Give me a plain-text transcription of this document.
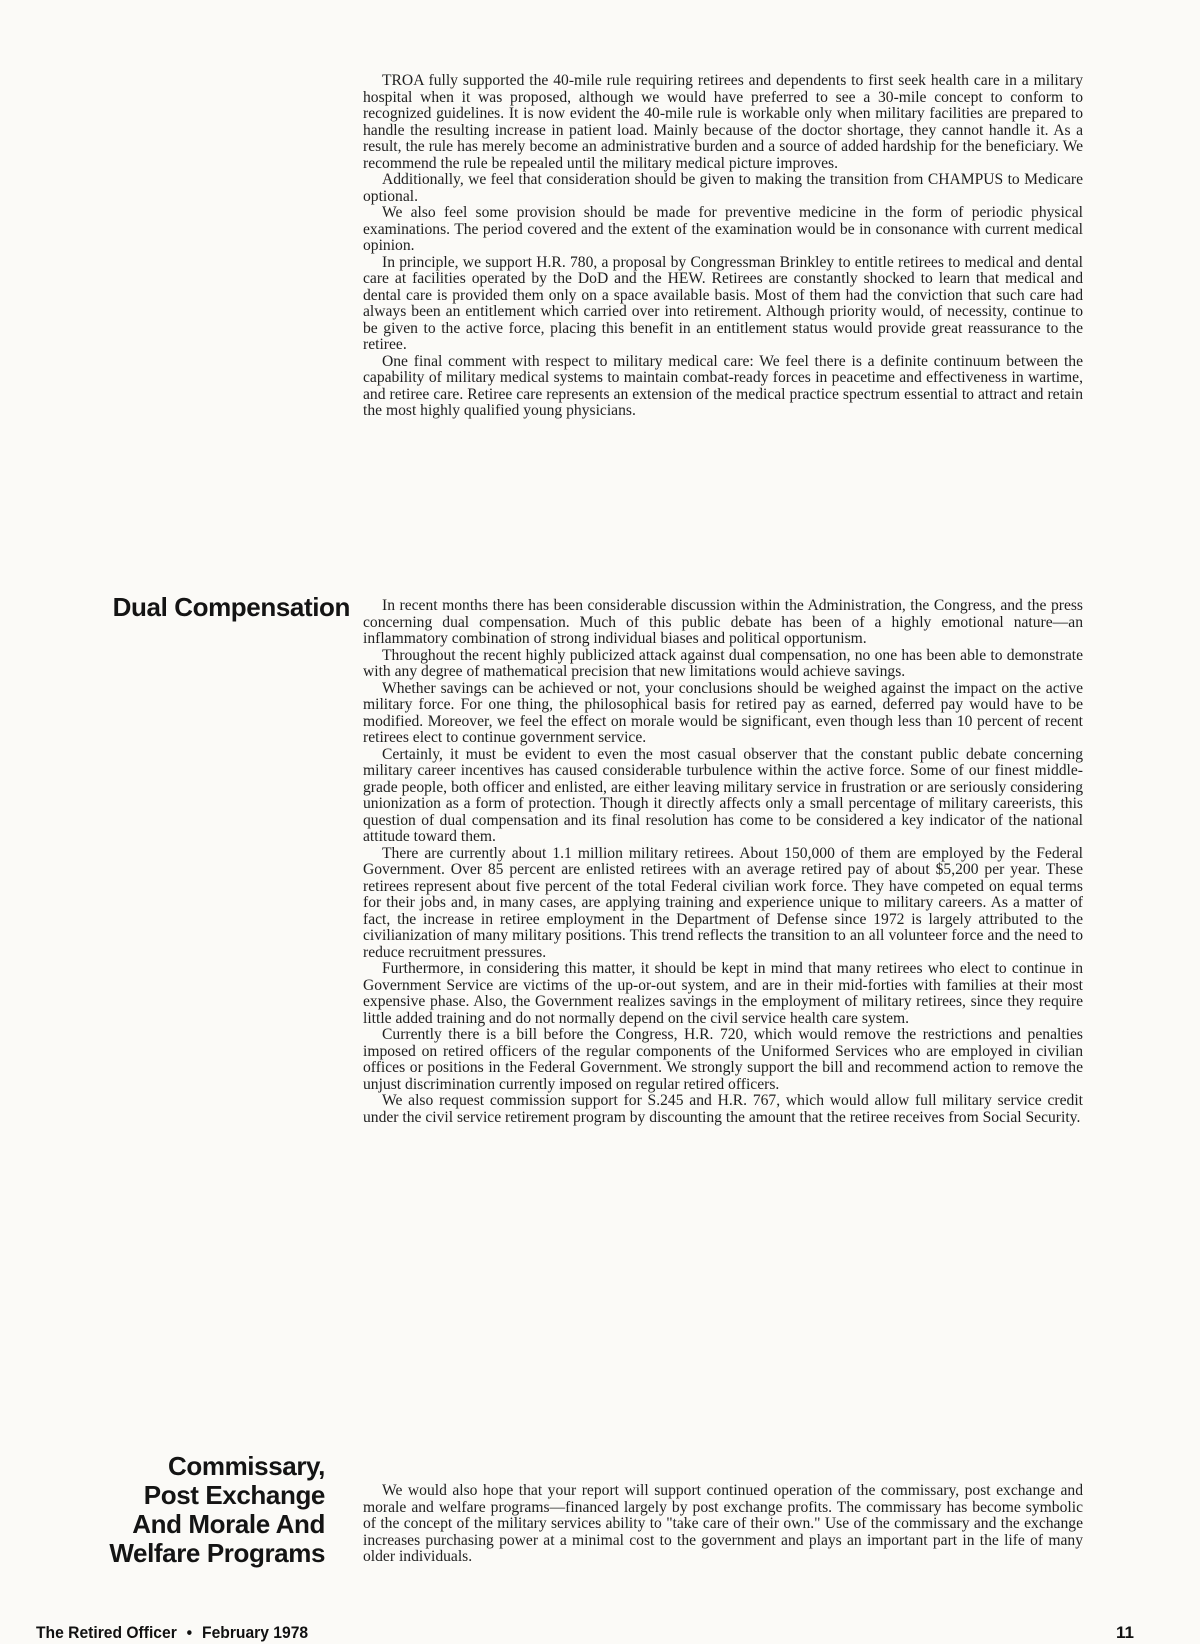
TROA fully supported the 40-mile rule requiring retirees and dependents to first seek health care in a military hospital when it was proposed, although we would have preferred to see a 30-mile concept to conform to recognized guidelines. It is now evident the 40-mile rule is workable only when military facilities are prepared to handle the resulting increase in patient load. Mainly because of the doctor shortage, they cannot handle it. As a result, the rule has merely become an administrative burden and a source of added hardship for the beneficiary. We recommend the rule be repealed until the military medical picture improves.

Additionally, we feel that consideration should be given to making the transition from CHAMPUS to Medicare optional.

We also feel some provision should be made for preventive medicine in the form of periodic physical examinations. The period covered and the extent of the examination would be in consonance with current medical opinion.

In principle, we support H.R. 780, a proposal by Congressman Brinkley to entitle retirees to medical and dental care at facilities operated by the DoD and the HEW. Retirees are constantly shocked to learn that medical and dental care is provided them only on a space available basis. Most of them had the conviction that such care had always been an entitlement which carried over into retirement. Although priority would, of necessity, continue to be given to the active force, placing this benefit in an entitlement status would provide great reassurance to the retiree.

One final comment with respect to military medical care: We feel there is a definite continuum between the capability of military medical systems to maintain combat-ready forces in peacetime and effectiveness in wartime, and retiree care. Retiree care represents an extension of the medical practice spectrum essential to attract and retain the most highly qualified young physicians.

Dual Compensation	In recent months there has been considerable discussion within the Administration, the Congress, and the press concerning dual compensation. Much of this public debate has been of a highly emotional nature—an inflammatory combination of strong individual biases and political opportunism.

Throughout the recent highly publicized attack against dual compensation, no one has been able to demonstrate with any degree of mathematical precision that new limitations would achieve savings.

Whether savings can be achieved or not, your conclusions should be weighed against the impact on the active military force. For one thing, the philosophical basis for retired pay as earned, deferred pay would have to be modified. Moreover, we feel the effect on morale would be significant, even though less than 10 percent of recent retirees elect to continue government service.

Certainly, it must be evident to even the most casual observer that the constant public debate concerning military career incentives has caused considerable turbulence within the active force. Some of our finest middle-grade people, both officer and enlisted, are either leaving military service in frustration or are seriously considering unionization as a form of protection. Though it directly affects only a small percentage of military careerists, this question of dual compensation and its final resolution has come to be considered a key indicator of the national attitude toward them.

There are currently about 1.1 million military retirees. About 150,000 of them are employed by the Federal Government. Over 85 percent are enlisted retirees with an average retired pay of about $5,200 per year. These retirees represent about five percent of the total Federal civilian work force. They have competed on equal terms for their jobs and, in many cases, are applying training and experience unique to military careers. As a matter of fact, the increase in retiree employment in the Department of Defense since 1972 is largely attributed to the civilianization of many military positions. This trend reflects the transition to an all volunteer force and the need to reduce recruitment pressures.

Furthermore, in considering this matter, it should be kept in mind that many retirees who elect to continue in Government Service are victims of the up-or-out system, and are in their mid-forties with families at their most expensive phase. Also, the Government realizes savings in the employment of military retirees, since they require little added training and do not normally depend on the civil service health care system.

Currently there is a bill before the Congress, H.R. 720, which would remove the restrictions and penalties imposed on retired officers of the regular components of the Uniformed Services who are employed in civilian offices or positions in the Federal Government. We strongly support the bill and recommend action to remove the unjust discrimination currently imposed on regular retired officers.

We also request commission support for S.245 and H.R. 767, which would allow full military service credit under the civil service retirement program by discounting the amount that the retiree receives from Social Security.

Commissary,
Post Exchange
And Morale And
Welfare Programs

We would also hope that your report will support continued operation of the commissary, post exchange and morale and welfare programs—financed largely by post exchange profits. The commissary has become symbolic of the concept of the military services ability to "take care of their own." Use of the commissary and the exchange increases purchasing power at a minimal cost to the government and plays an important part in the life of many older individuals.

The Retired Officer • February 1978	11
